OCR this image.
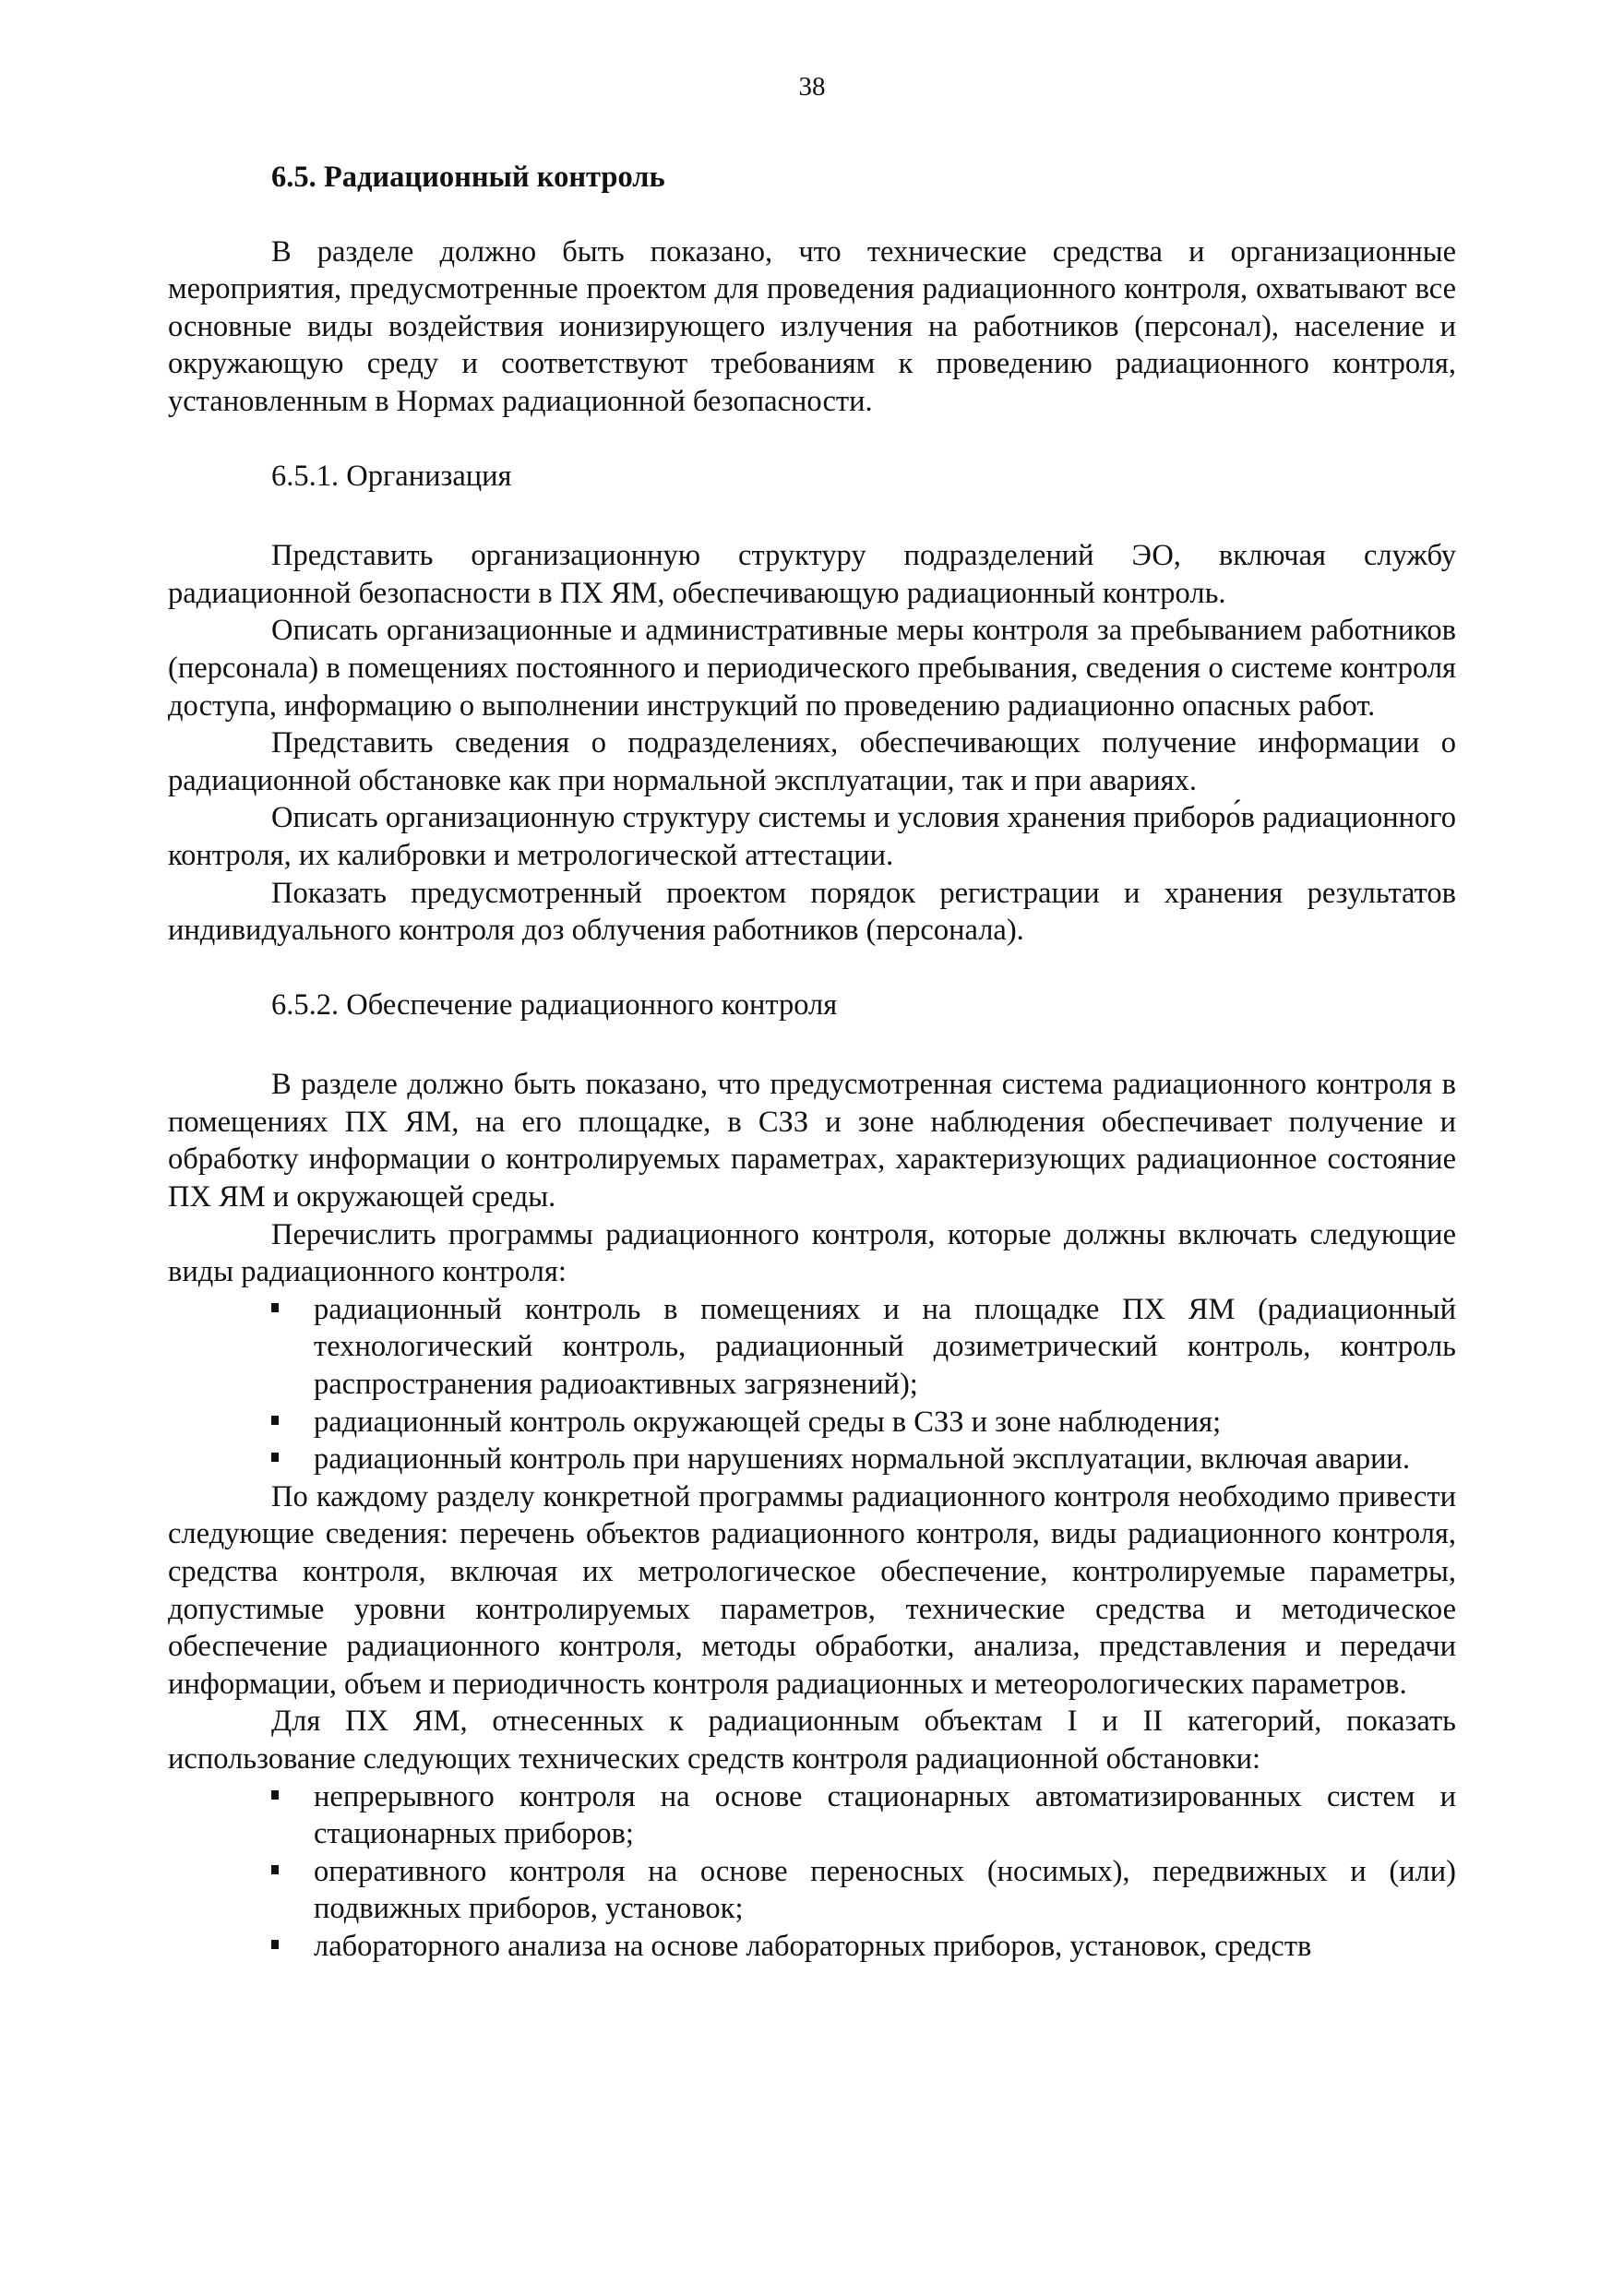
38

6.5. Радиационный контроль

В разделе должно быть показано, что технические средства и организационные мероприятия, предусмотренные проектом для проведения радиационного контроля, охватывают все основные виды воздействия ионизирующего излучения на работников (персонал), население и окружающую среду и соответствуют требованиям к проведению радиационного контроля, установленным в Нормах радиационной безопасности.

6.5.1. Организация

Представить организационную структуру подразделений ЭО, включая службу радиационной безопасности в ПХ ЯМ, обеспечивающую радиационный контроль.

Описать организационные и административные меры контроля за пребыванием работников (персонала) в помещениях постоянного и периодического пребывания, сведения о системе контроля доступа, информацию о выполнении инструкций по проведению радиационно опасных работ.

Представить сведения о подразделениях, обеспечивающих получение информации о радиационной обстановке как при нормальной эксплуатации, так и при авариях.

Описать организационную структуру системы и условия хранения приборо́в радиационного контроля, их калибровки и метрологической аттестации.

Показать предусмотренный проектом порядок регистрации и хранения результатов индивидуального контроля доз облучения работников (персонала).

6.5.2. Обеспечение радиационного контроля

В разделе должно быть показано, что предусмотренная система радиационного контроля в помещениях ПХ ЯМ, на его площадке, в СЗЗ и зоне наблюдения обеспечивает получение и обработку информации о контролируемых параметрах, характеризующих радиационное состояние ПХ ЯМ и окружающей среды.

Перечислить программы радиационного контроля, которые должны включать следующие виды радиационного контроля:

радиационный контроль в помещениях и на площадке ПХ ЯМ (радиационный технологический контроль, радиационный дозиметрический контроль, контроль распространения радиоактивных загрязнений);
радиационный контроль окружающей среды в СЗЗ и зоне наблюдения;
радиационный контроль при нарушениях нормальной эксплуатации, включая аварии.

По каждому разделу конкретной программы радиационного контроля необходимо привести следующие сведения: перечень объектов радиационного контроля, виды радиационного контроля, средства контроля, включая их метрологическое обеспечение, контролируемые параметры, допустимые уровни контролируемых параметров, технические средства и методическое обеспечение радиационного контроля, методы обработки, анализа, представления и передачи информации, объем и периодичность контроля радиационных и метеорологических параметров.

Для ПХ ЯМ, отнесенных к радиационным объектам I и II категорий, показать использование следующих технических средств контроля радиационной обстановки:

непрерывного контроля на основе стационарных автоматизированных систем и стационарных приборов;
оперативного контроля на основе переносных (носимых), передвижных и (или) подвижных приборов, установок;
лабораторного анализа на основе лабораторных приборов, установок, средств
